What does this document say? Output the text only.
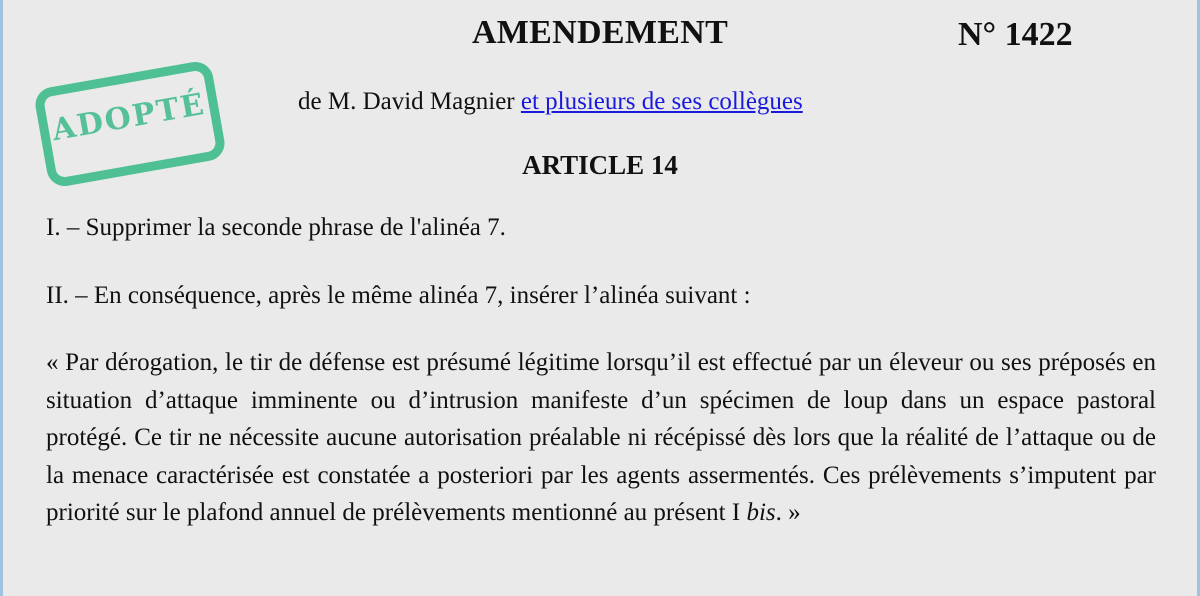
AMENDEMENT	N° 1422
ADOPTÉ	de M. David Magnier et plusieurs de ses collègues
ARTICLE 14
I. – Supprimer la seconde phrase de l'alinéa 7.
II. – En conséquence, après le même alinéa 7, insérer l’alinéa suivant :
« Par dérogation, le tir de défense est présumé légitime lorsqu’il est effectué par un éleveur ou ses préposés en situation d’attaque imminente ou d’intrusion manifeste d’un spécimen de loup dans un espace pastoral protégé. Ce tir ne nécessite aucune autorisation préalable ni récépissé dès lors que la réalité de l’attaque ou de la menace caractérisée est constatée a posteriori par les agents assermentés. Ces prélèvements s’imputent par priorité sur le plafond annuel de prélèvements mentionné au présent I bis. »
